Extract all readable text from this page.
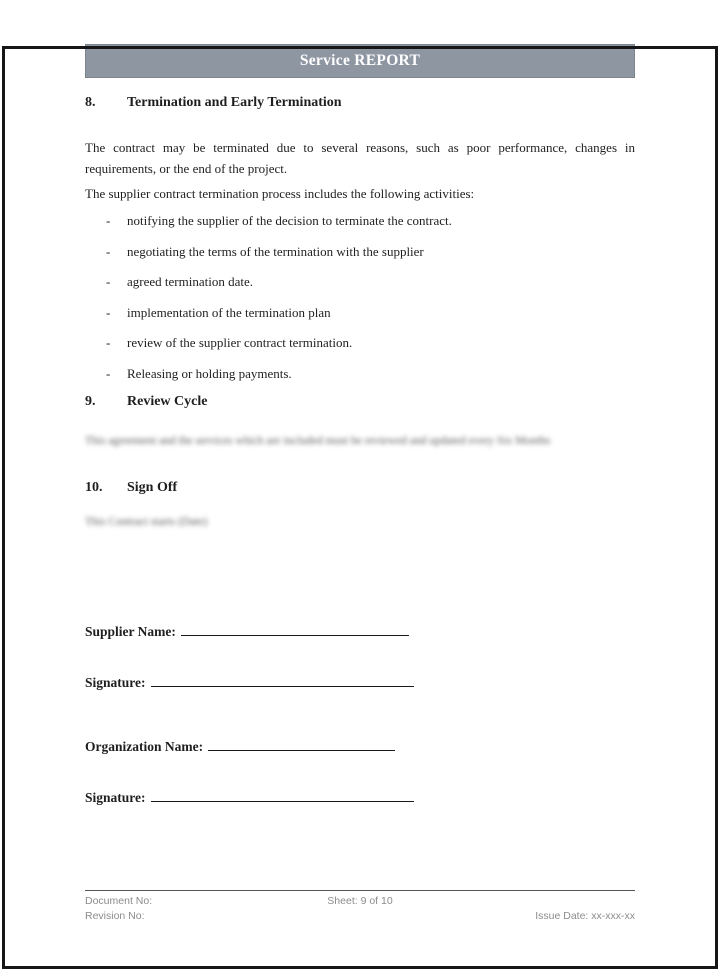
Service REPORT
8.	Termination and Early Termination

The contract may be terminated due to several reasons, such as poor performance, changes in requirements, or the end of the project.

The supplier contract termination process includes the following activities:

- notifying the supplier of the decision to terminate the contract.
- negotiating the terms of the termination with the supplier
- agreed termination date.
- implementation of the termination plan
- review of the supplier contract termination.
- Releasing or holding payments.
9.	Review Cycle

This agreement and the services which are included must be reviewed and updated every Six Months

10.	Sign Off

This Contract starts (Date)

Supplier Name:
Signature:
Organization Name:
Signature:
Document No:	Sheet: 9 of 10
Revision No:	Issue Date: xx-xxx-xx
